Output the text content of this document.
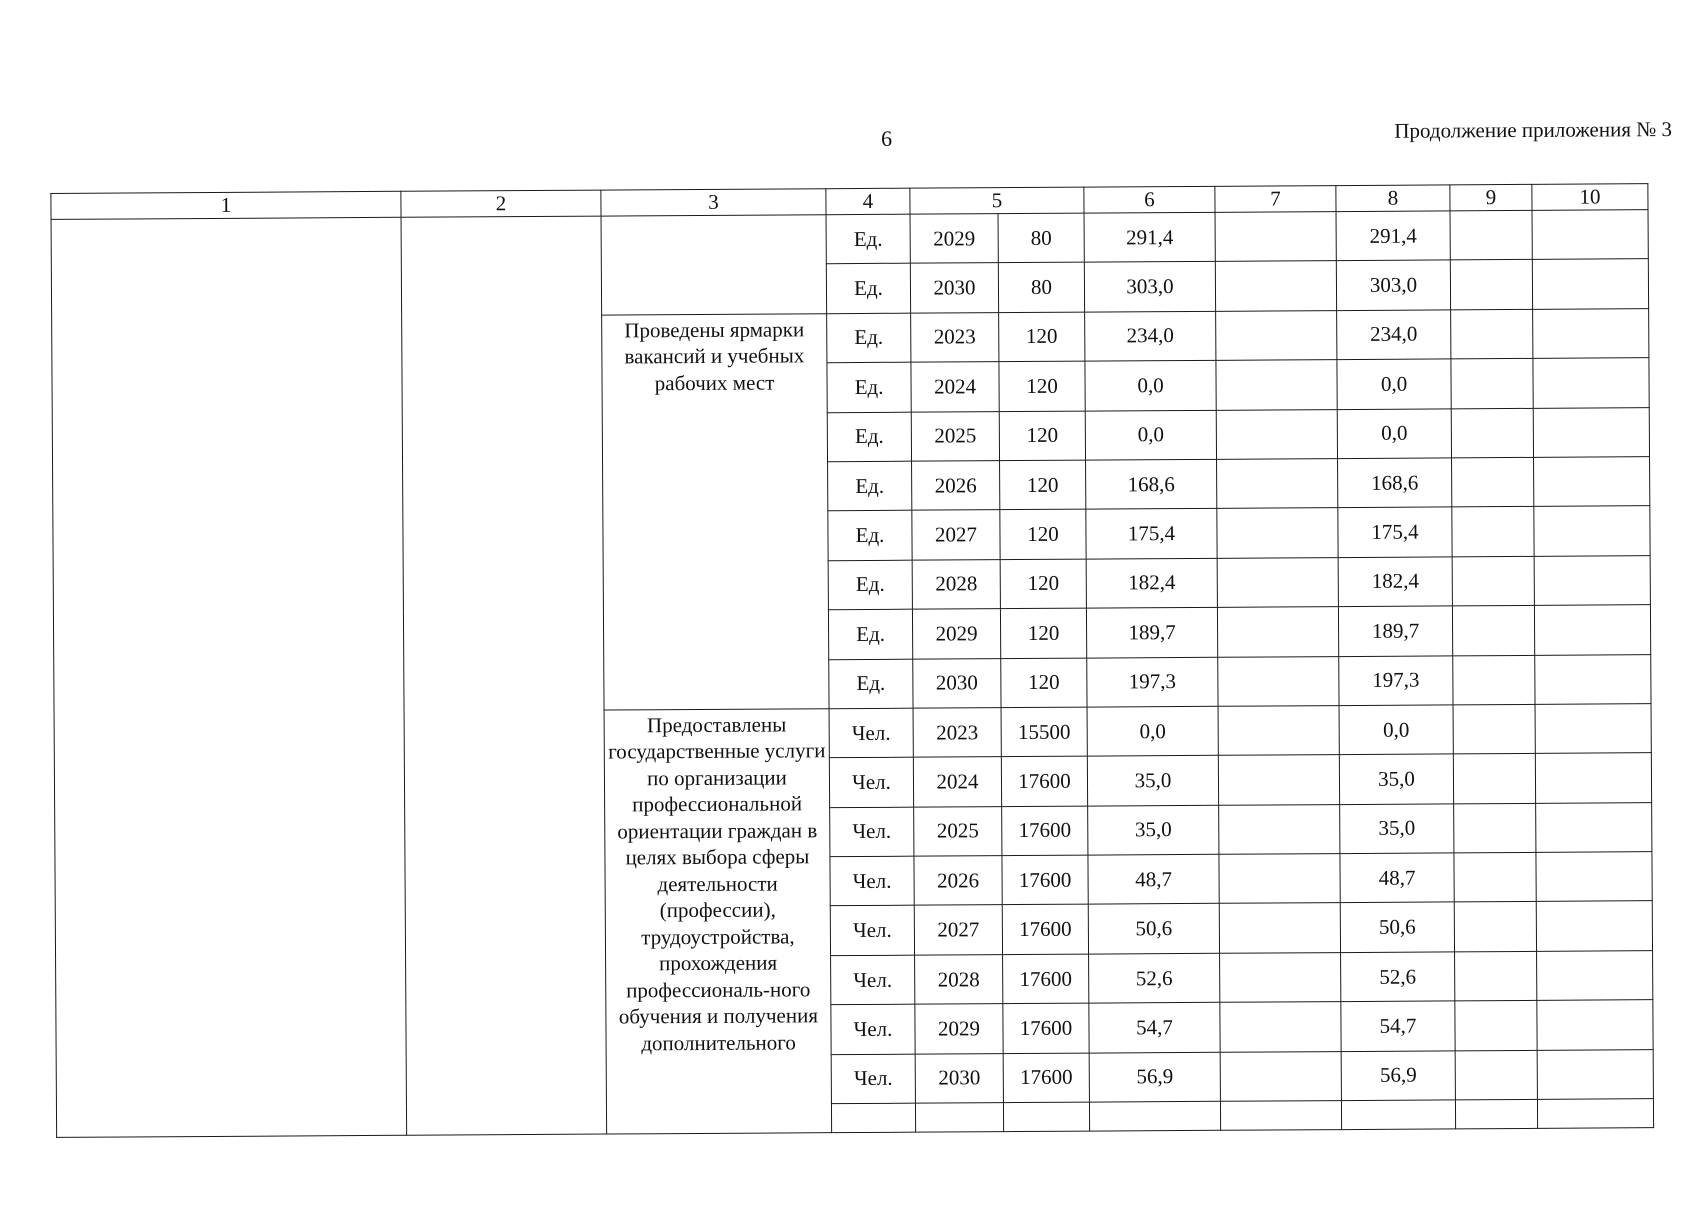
6	Продолжение приложения № 3
1	2	3	4	5		6	7	8	9	10
			Ед.	2029	80	291,4		291,4		
			Ед.	2030	80	303,0		303,0		
		Проведены ярмарки вакансий и учебных рабочих мест	Ед.	2023	120	234,0		234,0		
			Ед.	2024	120	0,0		0,0		
			Ед.	2025	120	0,0		0,0		
			Ед.	2026	120	168,6		168,6		
			Ед.	2027	120	175,4		175,4		
			Ед.	2028	120	182,4		182,4		
			Ед.	2029	120	189,7		189,7		
			Ед.	2030	120	197,3		197,3		
		Предоставлены государственные услуги по организации профессиональной ориентации граждан в целях выбора сферы деятельности (профессии), трудоустройства, прохождения профессиональ-ного обучения и получения дополнительного	Чел.	2023	15500	0,0		0,0		
			Чел.	2024	17600	35,0		35,0		
			Чел.	2025	17600	35,0		35,0		
			Чел.	2026	17600	48,7		48,7		
			Чел.	2027	17600	50,6		50,6		
			Чел.	2028	17600	52,6		52,6		
			Чел.	2029	17600	54,7		54,7		
			Чел.	2030	17600	56,9		56,9		
